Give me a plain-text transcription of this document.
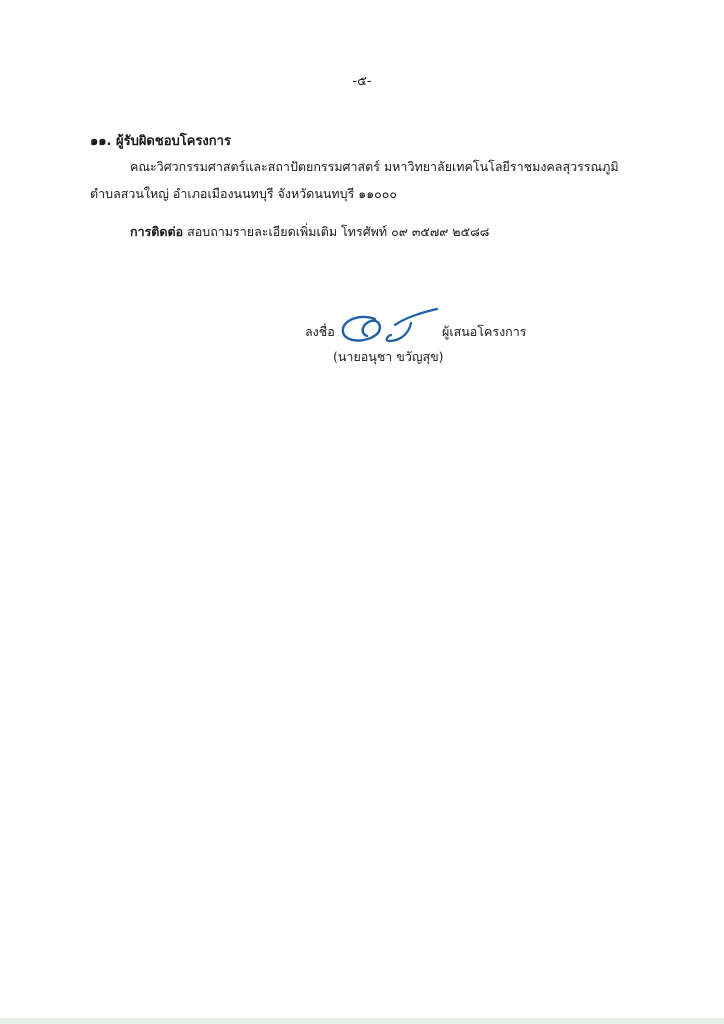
-๕-
๑๑. ผู้รับผิดชอบโครงการ
คณะวิศวกรรมศาสตร์และสถาปัตยกรรมศาสตร์ มหาวิทยาลัยเทคโนโลยีราชมงคลสุวรรณภูมิ
ตำบลสวนใหญ่ อำเภอเมืองนนทบุรี จังหวัดนนทบุรี ๑๑๐๐๐
การติดต่อ สอบถามรายละเอียดเพิ่มเติม โทรศัพท์ ๐๙ ๓๕๗๙ ๒๕๘๘
ลงชื่อ	ผู้เสนอโครงการ
(นายอนุชา ขวัญสุข)
